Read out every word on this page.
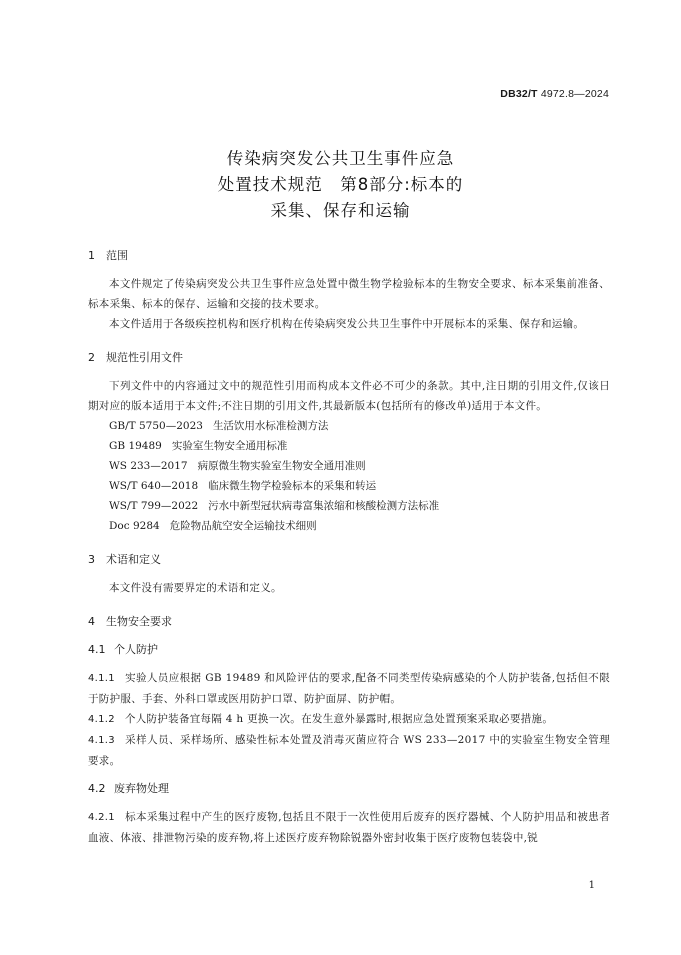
DB32/T 4972.8—2024
传染病突发公共卫生事件应急
处置技术规范　第8部分:标本的
采集、保存和运输
1 范围
本文件规定了传染病突发公共卫生事件应急处置中微生物学检验标本的生物安全要求、标本采集前准备、标本采集、标本的保存、运输和交接的技术要求。
本文件适用于各级疾控机构和医疗机构在传染病突发公共卫生事件中开展标本的采集、保存和运输。
2 规范性引用文件
下列文件中的内容通过文中的规范性引用而构成本文件必不可少的条款。其中,注日期的引用文件,仅该日期对应的版本适用于本文件;不注日期的引用文件,其最新版本(包括所有的修改单)适用于本文件。
GB/T 5750—2023 生活饮用水标准检测方法
GB 19489 实验室生物安全通用标准
WS 233—2017 病原微生物实验室生物安全通用准则
WS/T 640—2018 临床微生物学检验标本的采集和转运
WS/T 799—2022 污水中新型冠状病毒富集浓缩和核酸检测方法标准
Doc 9284 危险物品航空安全运输技术细则
3 术语和定义
本文件没有需要界定的术语和定义。
4 生物安全要求
4.1 个人防护
4.1.1 实验人员应根据 GB 19489 和风险评估的要求,配备不同类型传染病感染的个人防护装备,包括但不限于防护服、手套、外科口罩或医用防护口罩、防护面屏、防护帽。
4.1.2 个人防护装备宜每隔 4 h 更换一次。在发生意外暴露时,根据应急处置预案采取必要措施。
4.1.3 采样人员、采样场所、感染性标本处置及消毒灭菌应符合 WS 233—2017 中的实验室生物安全管理要求。
4.2 废弃物处理
4.2.1 标本采集过程中产生的医疗废物,包括且不限于一次性使用后废弃的医疗器械、个人防护用品和被患者血液、体液、排泄物污染的废弃物,将上述医疗废弃物除锐器外密封收集于医疗废物包装袋中,锐
1
